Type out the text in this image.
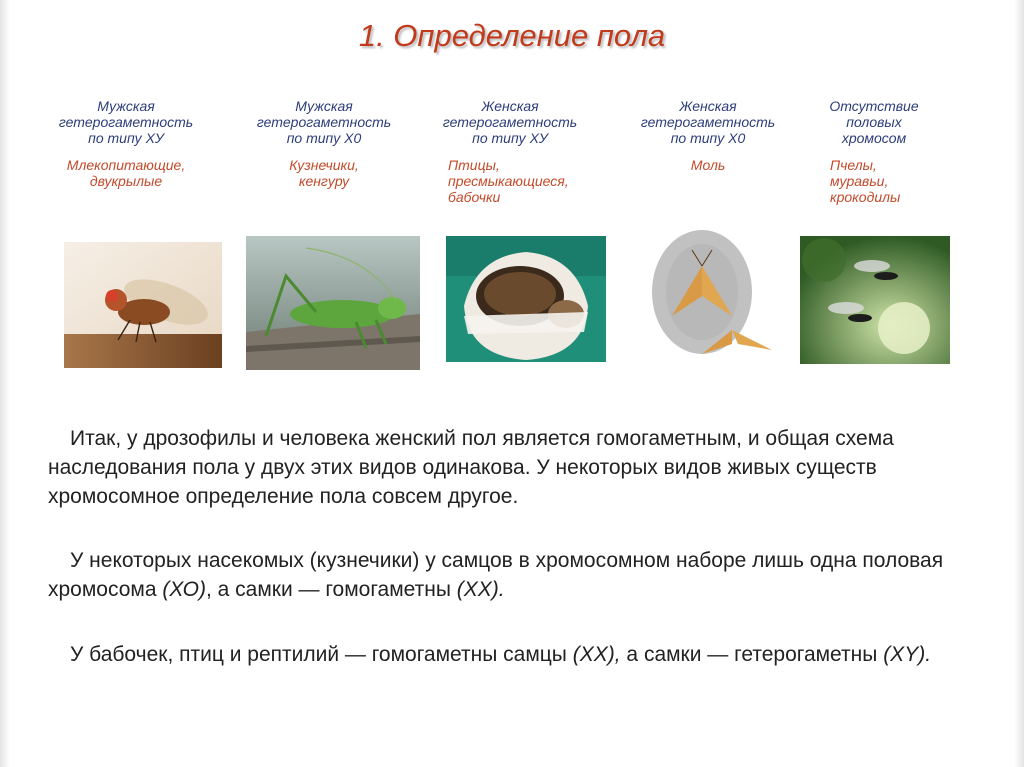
1. Определение пола
Мужская
гетерогаметность
по типу ХУ
Млекопитающие,
двукрылые
Мужская
гетерогаметность
по типу Х0
Кузнечики,
кенгуру
Женская
гетерогаметность
по типу ХУ
Птицы,
пресмыкающиеся,
бабочки
Женская
гетерогаметность
по типу Х0
Моль
Отсутствие
половых
хромосом
Пчелы,
муравьи,
крокодилы

Итак, у дрозофилы и человека женский пол является гомогаметным, и общая схема наследования пола у двух этих видов одинакова. У некоторых видов живых существ хромосомное определение пола совсем другое.

У некоторых насекомых (кузнечики) у самцов в хромосомном наборе лишь одна половая хромосома (ХО), а самки — гомогаметны (ХХ).

У бабочек, птиц и рептилий — гомогаметны самцы (ХХ), а самки — гетерогаметны (ХY).
